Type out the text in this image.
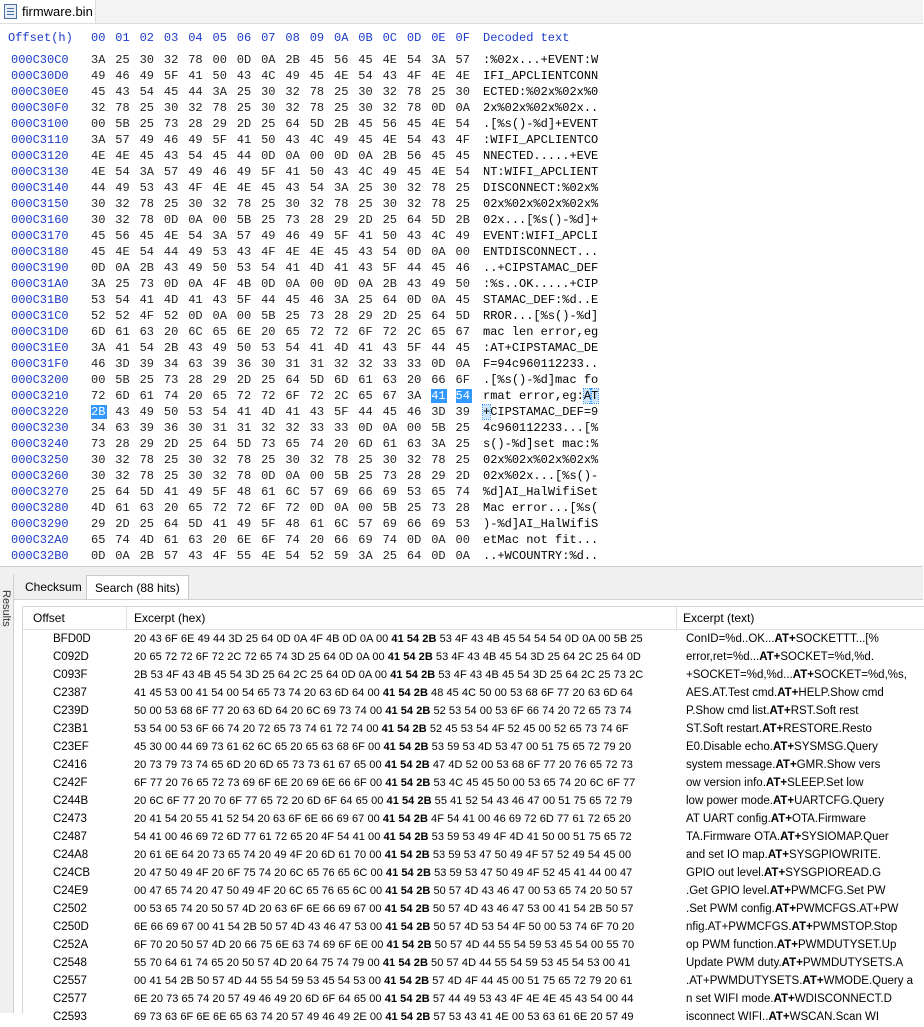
firmware.bin
Offset(h) 00 01 02 03 04 05 06 07 08 09 0A 0B 0C 0D 0E 0F Decoded text
000C30C0 3A 25 30 32 78 00 0D 0A 2B 45 56 45 4E 54 3A 57 :%02x...+EVENT:W
000C30D0 49 46 49 5F 41 50 43 4C 49 45 4E 54 43 4F 4E 4E IFI_APCLIENTCONN
000C30E0 45 43 54 45 44 3A 25 30 32 78 25 30 32 78 25 30 ECTED:%02x%02x%0
000C30F0 32 78 25 30 32 78 25 30 32 78 25 30 32 78 0D 0A 2x%02x%02x%02x..
000C3100 00 5B 25 73 28 29 2D 25 64 5D 2B 45 56 45 4E 54 .[%s()-%d]+EVENT
000C3110 3A 57 49 46 49 5F 41 50 43 4C 49 45 4E 54 43 4F :WIFI_APCLIENTCO
000C3120 4E 4E 45 43 54 45 44 0D 0A 00 0D 0A 2B 56 45 45 NNECTED.....+EVE
000C3130 4E 54 3A 57 49 46 49 5F 41 50 43 4C 49 45 4E 54 NT:WIFI_APCLIENT
000C3140 44 49 53 43 4F 4E 4E 45 43 54 3A 25 30 32 78 25 DISCONNECT:%02x%
000C3150 30 32 78 25 30 32 78 25 30 32 78 25 30 32 78 25 02x%02x%02x%02x%
000C3160 30 32 78 0D 0A 00 5B 25 73 28 29 2D 25 64 5D 2B 02x...[%s()-%d]+
000C3170 45 56 45 4E 54 3A 57 49 46 49 5F 41 50 43 4C 49 EVENT:WIFI_APCLI
000C3180 45 4E 54 44 49 53 43 4F 4E 4E 45 43 54 0D 0A 00 ENTDISCONNECT...
000C3190 0D 0A 2B 43 49 50 53 54 41 4D 41 43 5F 44 45 46 ..+CIPSTAMAC_DEF
000C31A0 3A 25 73 0D 0A 4F 4B 0D 0A 00 0D 0A 2B 43 49 50 :%s..OK.....+CIP
000C31B0 53 54 41 4D 41 43 5F 44 45 46 3A 25 64 0D 0A 45 STAMAC_DEF:%d..E
000C31C0 52 52 4F 52 0D 0A 00 5B 25 73 28 29 2D 25 64 5D RROR...[%s()-%d]
000C31D0 6D 61 63 20 6C 65 6E 20 65 72 72 6F 72 2C 65 67 mac len error,eg
000C31E0 3A 41 54 2B 43 49 50 53 54 41 4D 41 43 5F 44 45 :AT+CIPSTAMAC_DE
000C31F0 46 3D 39 34 63 39 36 30 31 31 32 32 33 33 0D 0A F=94c960112233..
000C3200 00 5B 25 73 28 29 2D 25 64 5D 6D 61 63 20 66 6F .[%s()-%d]mac fo
000C3210 72 6D 61 74 20 65 72 72 6F 72 2C 65 67 3A 41 54 rmat error,eg:AT
000C3220 2B 43 49 50 53 54 41 4D 41 43 5F 44 45 46 3D 39 +CIPSTAMAC_DEF=9
000C3230 34 63 39 36 30 31 31 32 32 33 33 0D 0A 00 5B 25 4c960112233...[%
000C3240 73 28 29 2D 25 64 5D 73 65 74 20 6D 61 63 3A 25 s()-%d]set mac:%
000C3250 30 32 78 25 30 32 78 25 30 32 78 25 30 32 78 25 02x%02x%02x%02x%
000C3260 30 32 78 25 30 32 78 0D 0A 00 5B 25 73 28 29 2D 02x%02x...[%s()-
000C3270 25 64 5D 41 49 5F 48 61 6C 57 69 66 69 53 65 74 %d]AI_HalWifiSet
000C3280 4D 61 63 20 65 72 72 6F 72 0D 0A 00 5B 25 73 28 Mac error...[%s(
000C3290 29 2D 25 64 5D 41 49 5F 48 61 6C 57 69 66 69 53 )-%d]AI_HalWifiS
000C32A0 65 74 4D 61 63 20 6E 6F 74 20 66 69 74 0D 0A 00 etMac not fit...
000C32B0 0D 0A 2B 57 43 4F 55 4E 54 52 59 3A 25 64 0D 0A ..+WCOUNTRY:%d..
Results
Checksum	Search (88 hits)
Offset	Excerpt (hex)	Excerpt (text)
BFD0D	20 43 6F 6E 49 44 3D 25 64 0D 0A 4F 4B 0D 0A 00 41 54 2B 53 4F 43 4B 45 54 54 54 0D 0A 00 5B 25	ConID=%d..OK...AT+SOCKETTT...[%
C092D	20 65 72 72 6F 72 2C 72 65 74 3D 25 64 0D 0A 00 41 54 2B 53 4F 43 4B 45 54 3D 25 64 2C 25 64 0D	error,ret=%d...AT+SOCKET=%d,%d.
C093F	2B 53 4F 43 4B 45 54 3D 25 64 2C 25 64 0D 0A 00 41 54 2B 53 4F 43 4B 45 54 3D 25 64 2C 25 73 2C	+SOCKET=%d,%d...AT+SOCKET=%d,%s,
C2387	41 45 53 00 41 54 00 54 65 73 74 20 63 6D 64 00 41 54 2B 48 45 4C 50 00 53 68 6F 77 20 63 6D 64	AES.AT.Test cmd.AT+HELP.Show cmd
C239D	50 00 53 68 6F 77 20 63 6D 64 20 6C 69 73 74 00 41 54 2B 52 53 54 00 53 6F 66 74 20 72 65 73 74	P.Show cmd list.AT+RST.Soft rest
C23B1	53 54 00 53 6F 66 74 20 72 65 73 74 61 72 74 00 41 54 2B 52 45 53 54 4F 52 45 00 52 65 73 74 6F	ST.Soft restart.AT+RESTORE.Resto
C23EF	45 30 00 44 69 73 61 62 6C 65 20 65 63 68 6F 00 41 54 2B 53 59 53 4D 53 47 00 51 75 65 72 79 20	E0.Disable echo.AT+SYSMSG.Query
C2416	20 73 79 73 74 65 6D 20 6D 65 73 73 61 67 65 00 41 54 2B 47 4D 52 00 53 68 6F 77 20 76 65 72 73	system message.AT+GMR.Show vers
C242F	6F 77 20 76 65 72 73 69 6F 6E 20 69 6E 66 6F 00 41 54 2B 53 4C 45 45 50 00 53 65 74 20 6C 6F 77	ow version info.AT+SLEEP.Set low
C244B	20 6C 6F 77 20 70 6F 77 65 72 20 6D 6F 64 65 00 41 54 2B 55 41 52 54 43 46 47 00 51 75 65 72 79	low power mode.AT+UARTCFG.Query
C2473	20 41 54 20 55 41 52 54 20 63 6F 6E 66 69 67 00 41 54 2B 4F 54 41 00 46 69 72 6D 77 61 72 65 20	AT UART config.AT+OTA.Firmware
C2487	54 41 00 46 69 72 6D 77 61 72 65 20 4F 54 41 00 41 54 2B 53 59 53 49 4F 4D 41 50 00 51 75 65 72	TA.Firmware OTA.AT+SYSIOMAP.Quer
C24A8	20 61 6E 64 20 73 65 74 20 49 4F 20 6D 61 70 00 41 54 2B 53 59 53 47 50 49 4F 57 52 49 54 45 00	and set IO map.AT+SYSGPIOWRITE.
C24CB	20 47 50 49 4F 20 6F 75 74 20 6C 65 76 65 6C 00 41 54 2B 53 59 53 47 50 49 4F 52 45 41 44 00 47	GPIO out level.AT+SYSGPIOREAD.G
C24E9	00 47 65 74 20 47 50 49 4F 20 6C 65 76 65 6C 00 41 54 2B 50 57 4D 43 46 47 00 53 65 74 20 50 57	.Get GPIO level.AT+PWMCFG.Set PW
C2502	00 53 65 74 20 50 57 4D 20 63 6F 6E 66 69 67 00 41 54 2B 50 57 4D 43 46 47 53 00 41 54 2B 50 57	.Set PWM config.AT+PWMCFGS.AT+PW
C250D	6E 66 69 67 00 41 54 2B 50 57 4D 43 46 47 53 00 41 54 2B 50 57 4D 53 54 4F 50 00 53 74 6F 70 20	nfig.AT+PWMCFGS.AT+PWMSTOP.Stop
C252A	6F 70 20 50 57 4D 20 66 75 6E 63 74 69 6F 6E 00 41 54 2B 50 57 4D 44 55 54 59 53 45 54 00 55 70	op PWM function.AT+PWMDUTYSET.Up
C2548	55 70 64 61 74 65 20 50 57 4D 20 64 75 74 79 00 41 54 2B 50 57 4D 44 55 54 59 53 45 54 53 00 41	Update PWM duty.AT+PWMDUTYSETS.A
C2557	00 41 54 2B 50 57 4D 44 55 54 59 53 45 54 53 00 41 54 2B 57 4D 4F 44 45 00 51 75 65 72 79 20 61	.AT+PWMDUTYSETS.AT+WMODE.Query a
C2577	6E 20 73 65 74 20 57 49 46 49 20 6D 6F 64 65 00 41 54 2B 57 44 49 53 43 4F 4E 4E 45 43 54 00 44	n set WIFI mode.AT+WDISCONNECT.D
C2593	69 73 63 6F 6E 6E 65 63 74 20 57 49 46 49 2E 00 41 54 2B 57 53 43 41 4E 00 53 63 61 6E 20 57 49	isconnect WIFI..AT+WSCAN.Scan WI
